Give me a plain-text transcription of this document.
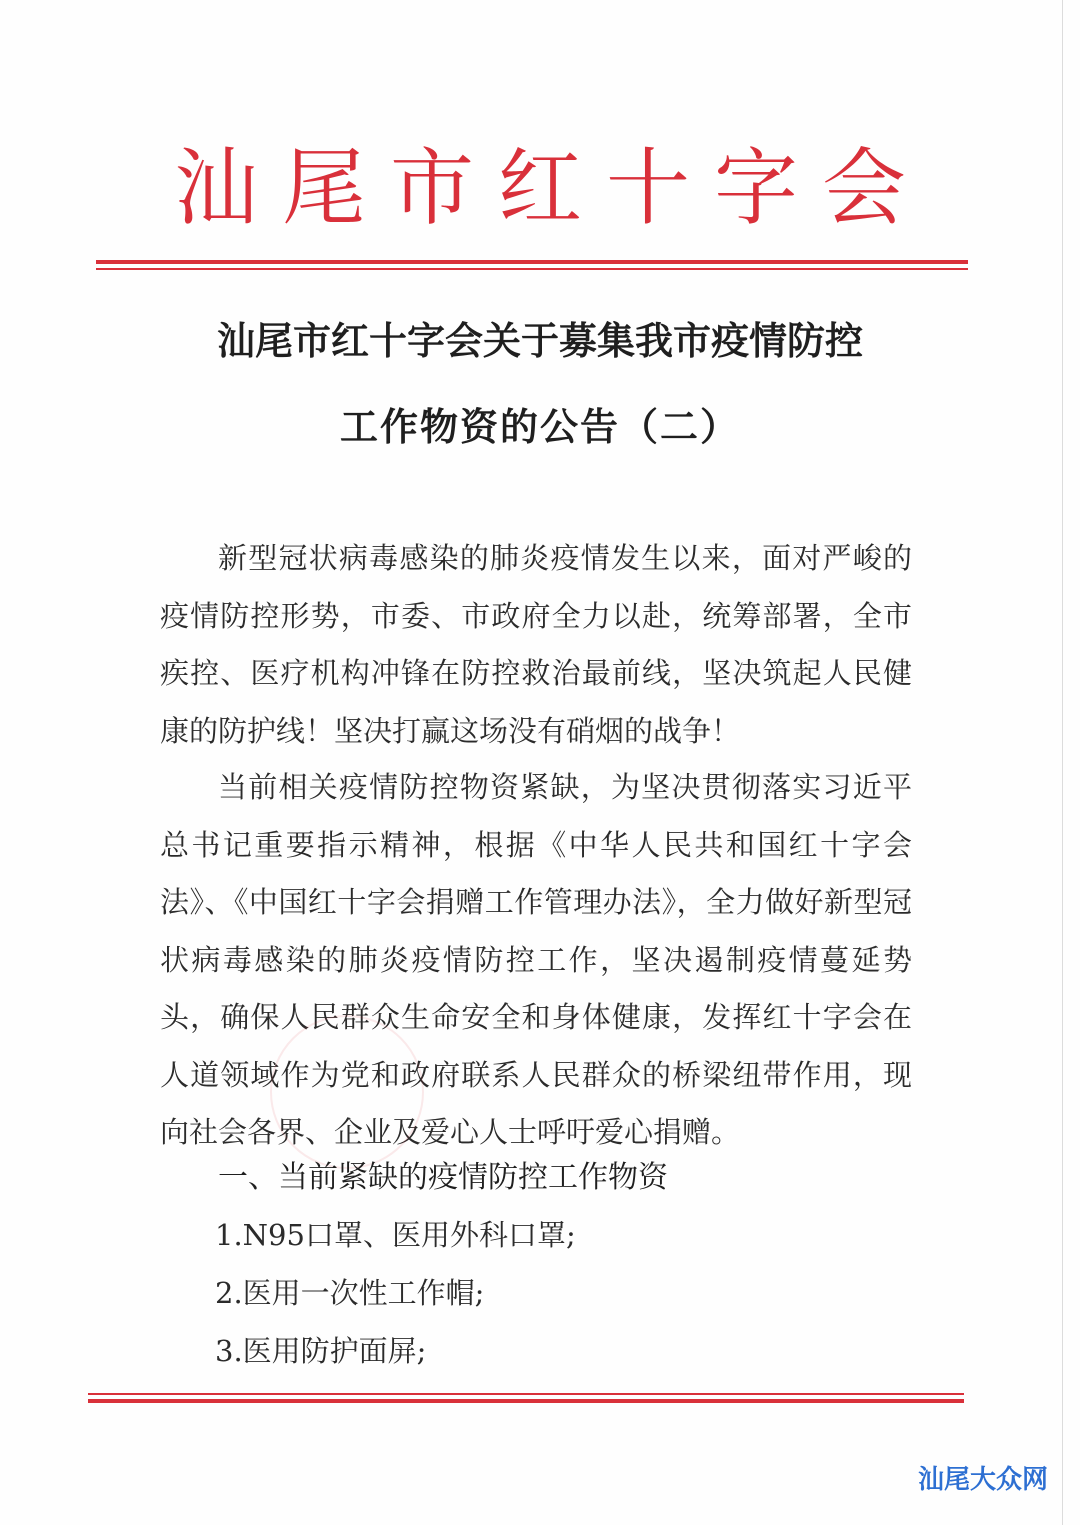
汕尾市红十字会
汕尾市红十字会关于募集我市疫情防控
工作物资的公告（二）

新型冠状病毒感染的肺炎疫情发生以来，面对严峻的疫情防控形势，市委、市政府全力以赴，统筹部署，全市疾控、医疗机构冲锋在防控救治最前线，坚决筑起人民健康的防护线！坚决打赢这场没有硝烟的战争！

当前相关疫情防控物资紧缺，为坚决贯彻落实习近平总书记重要指示精神，根据《中华人民共和国红十字会法》、《中国红十字会捐赠工作管理办法》，全力做好新型冠状病毒感染的肺炎疫情防控工作，坚决遏制疫情蔓延势头，确保人民群众生命安全和身体健康，发挥红十字会在人道领域作为党和政府联系人民群众的桥梁纽带作用，现向社会各界、企业及爱心人士呼吁爱心捐赠。

一、当前紧缺的疫情防控工作物资

1.N95口罩、医用外科口罩;

2.医用一次性工作帽;

3.医用防护面屏;

汕尾大众网
